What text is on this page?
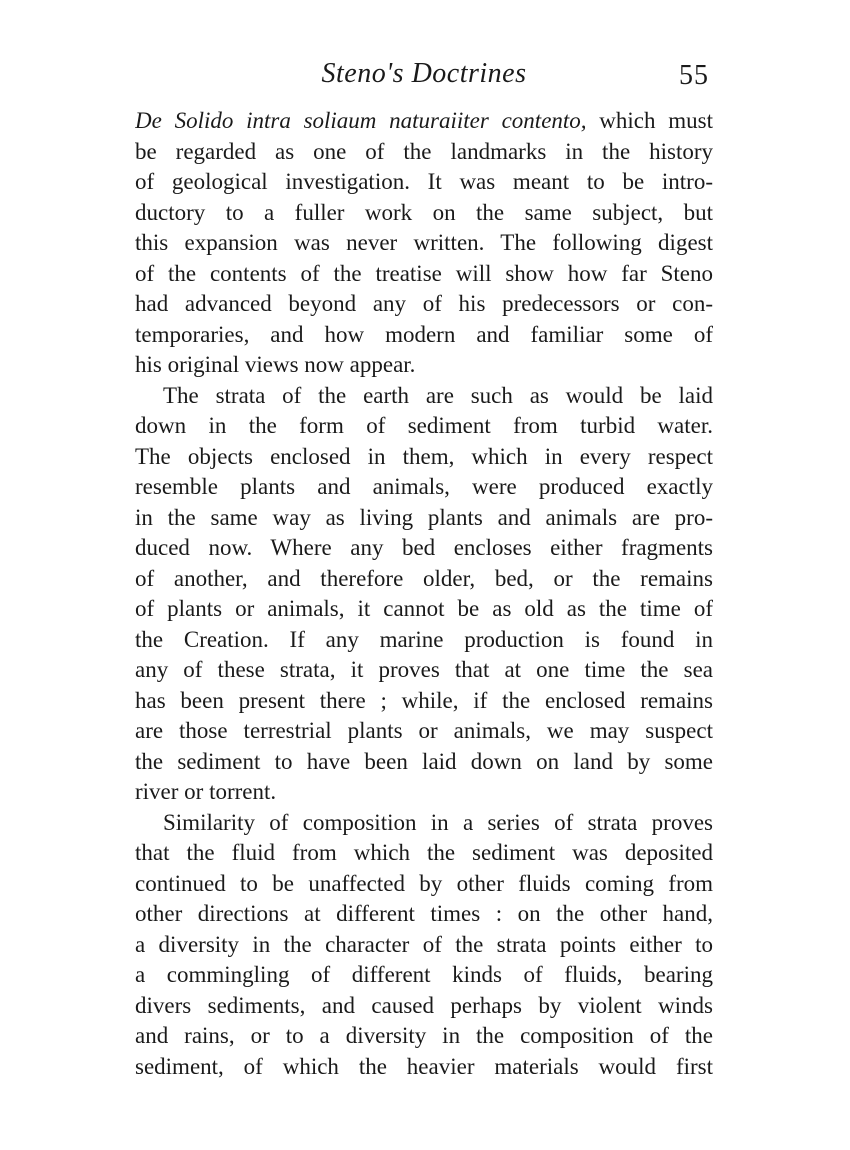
Steno's Doctrines	55

De Solido intra soliaum naturaiiter contento, which must
be regarded as one of the landmarks in the history
of geological investigation. It was meant to be intro-
ductory to a fuller work on the same subject, but
this expansion was never written. The following digest
of the contents of the treatise will show how far Steno
had advanced beyond any of his predecessors or con-
temporaries, and how modern and familiar some of
his original views now appear.

The strata of the earth are such as would be laid
down in the form of sediment from turbid water.
The objects enclosed in them, which in every respect
resemble plants and animals, were produced exactly
in the same way as living plants and animals are pro-
duced now. Where any bed encloses either fragments
of another, and therefore older, bed, or the remains
of plants or animals, it cannot be as old as the time of
the Creation. If any marine production is found in
any of these strata, it proves that at one time the sea
has been present there ; while, if the enclosed remains
are those terrestrial plants or animals, we may suspect
the sediment to have been laid down on land by some
river or torrent.

Similarity of composition in a series of strata proves
that the fluid from which the sediment was deposited
continued to be unaffected by other fluids coming from
other directions at different times : on the other hand,
a diversity in the character of the strata points either to
a commingling of different kinds of fluids, bearing
divers sediments, and caused perhaps by violent winds
and rains, or to a diversity in the composition of the
sediment, of which the heavier materials would first
